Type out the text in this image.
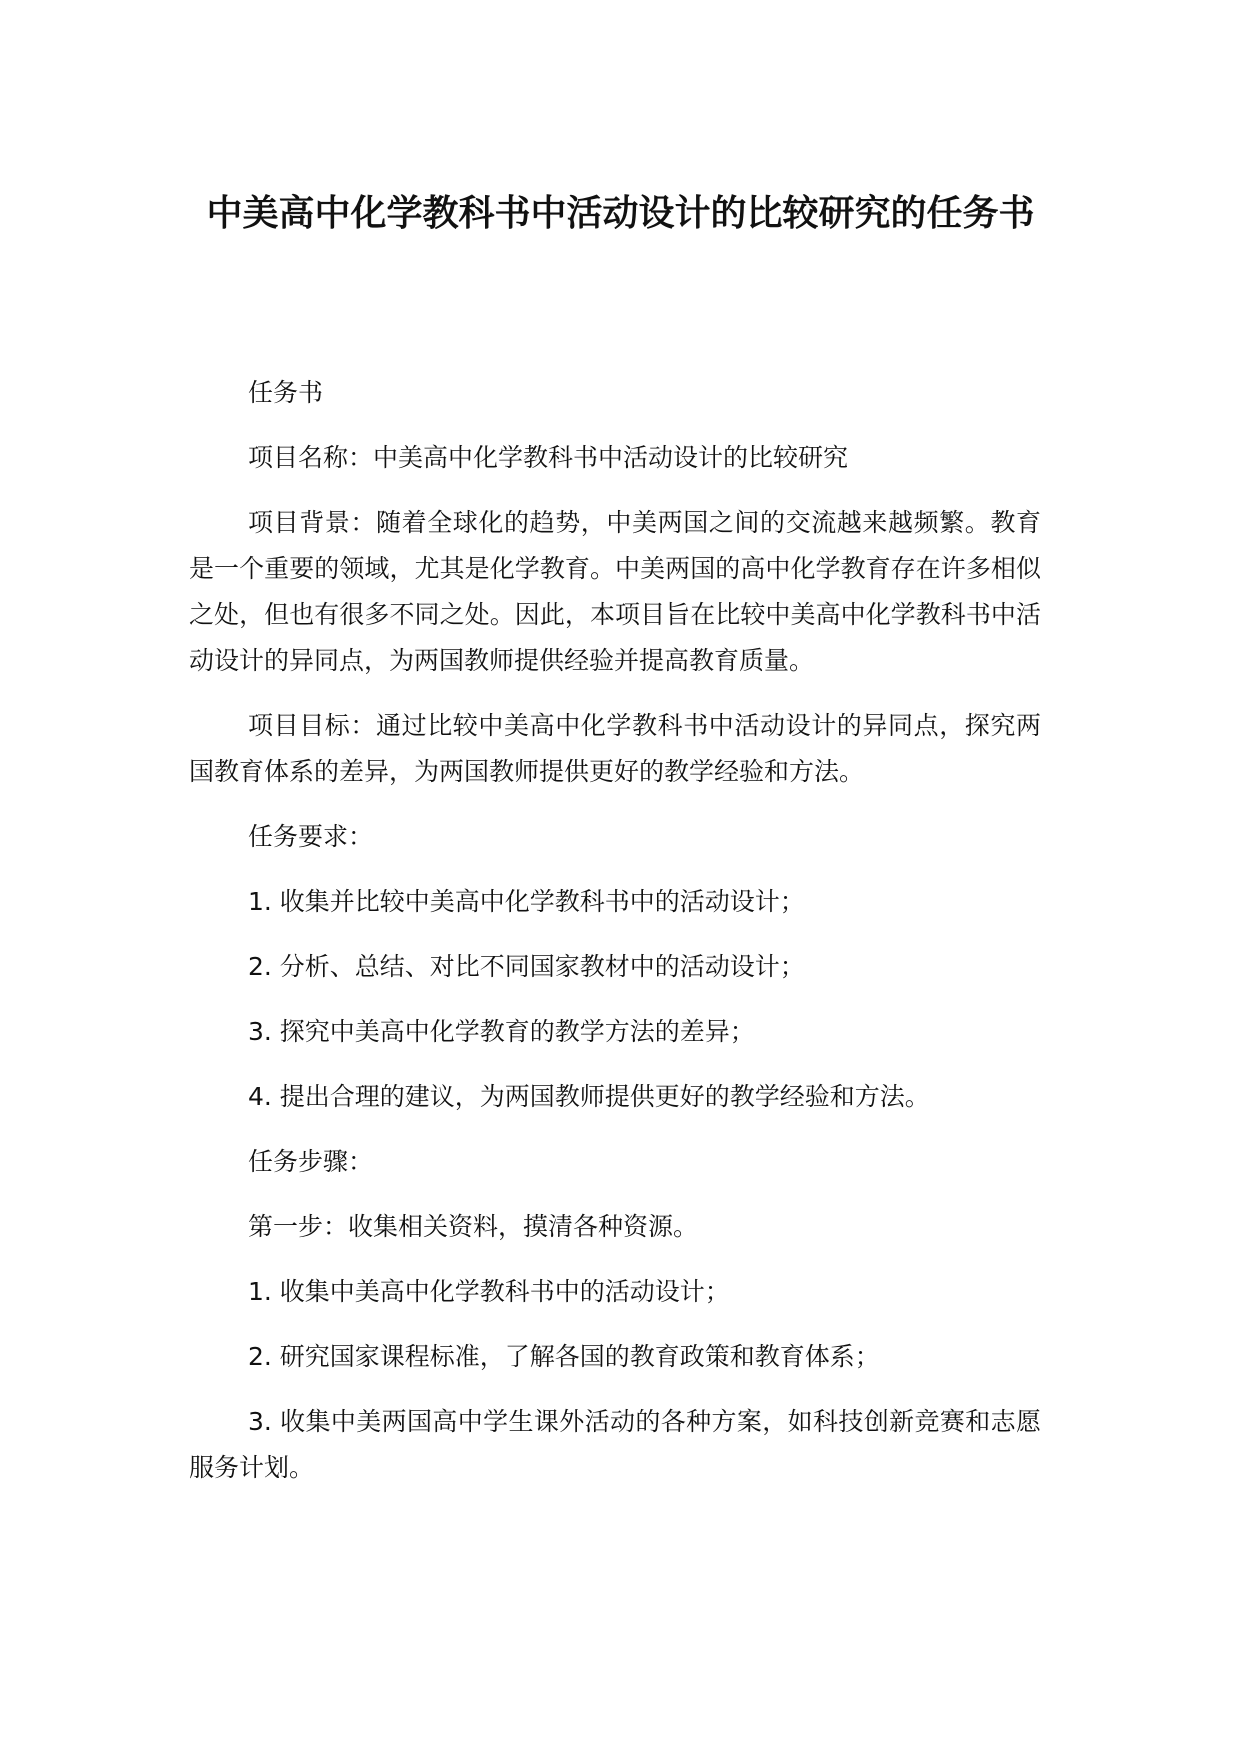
中美高中化学教科书中活动设计的比较研究的任务书

任务书

项目名称：中美高中化学教科书中活动设计的比较研究

项目背景：随着全球化的趋势，中美两国之间的交流越来越频繁。教育是一个重要的领域，尤其是化学教育。中美两国的高中化学教育存在许多相似之处，但也有很多不同之处。因此，本项目旨在比较中美高中化学教科书中活动设计的异同点，为两国教师提供经验并提高教育质量。

项目目标：通过比较中美高中化学教科书中活动设计的异同点，探究两国教育体系的差异，为两国教师提供更好的教学经验和方法。

任务要求：

1. 收集并比较中美高中化学教科书中的活动设计；

2. 分析、总结、对比不同国家教材中的活动设计；

3. 探究中美高中化学教育的教学方法的差异；

4. 提出合理的建议，为两国教师提供更好的教学经验和方法。

任务步骤：

第一步：收集相关资料，摸清各种资源。

1. 收集中美高中化学教科书中的活动设计；

2. 研究国家课程标准，了解各国的教育政策和教育体系；

3. 收集中美两国高中学生课外活动的各种方案，如科技创新竞赛和志愿服务计划。
